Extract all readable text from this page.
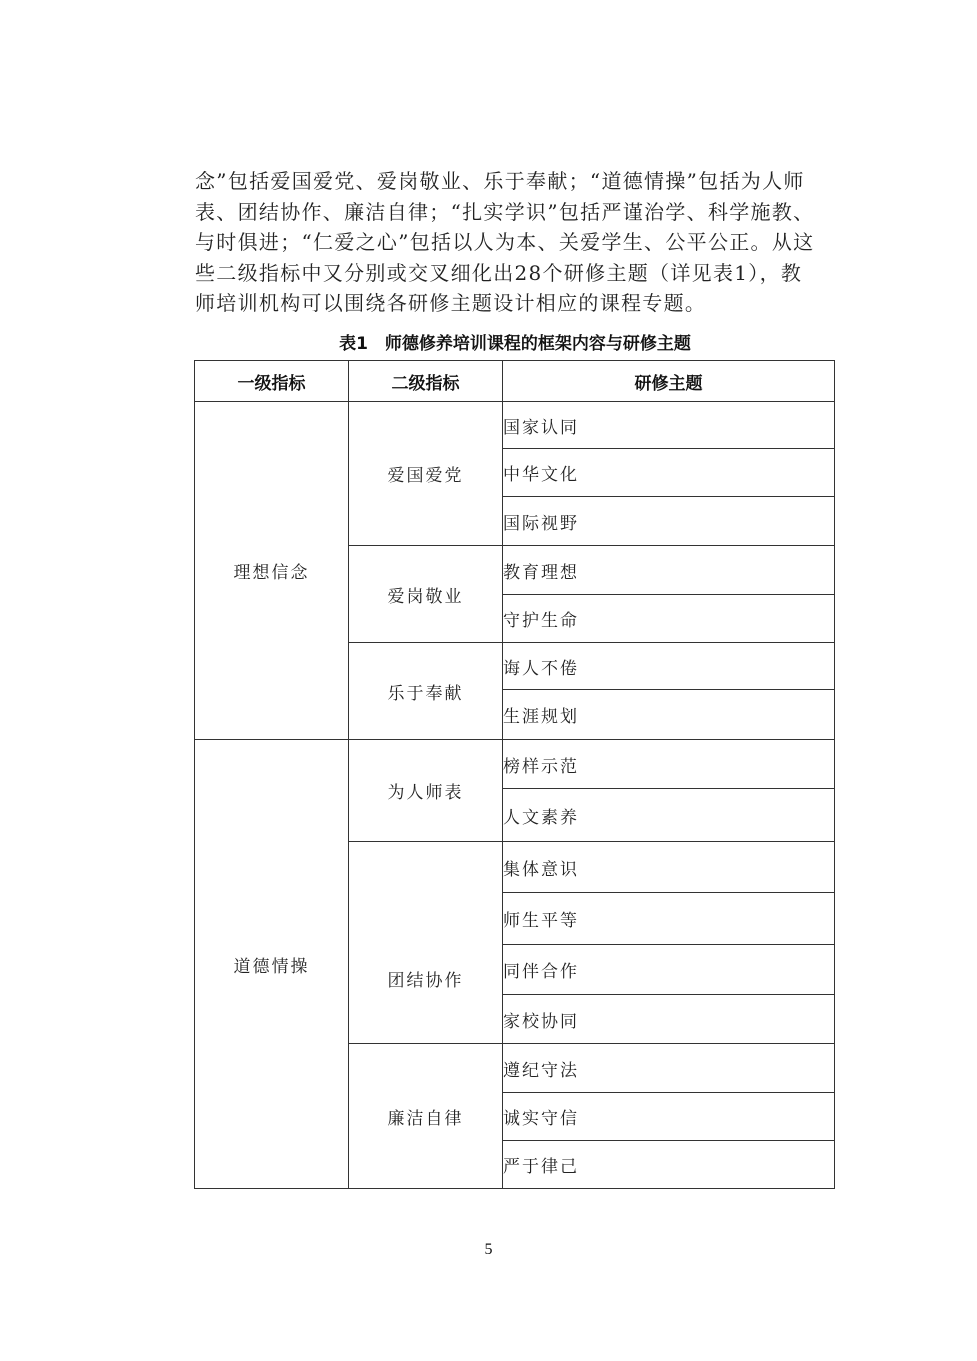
念”包括爱国爱党、爱岗敬业、乐于奉献；“道德情操”包括为人师
表、团结协作、廉洁自律；“扎实学识”包括严谨治学、科学施教、
与时俱进；“仁爱之心”包括以人为本、关爱学生、公平公正。从这
些二级指标中又分别或交叉细化出28个研修主题（详见表1），教
师培训机构可以围绕各研修主题设计相应的课程专题。
表1　师德修养培训课程的框架内容与研修主题
一级指标	二级指标	研修主题
理想信念	爱国爱党	国家认同
		中华文化
		国际视野
	爱岗敬业	教育理想
		守护生命
	乐于奉献	诲人不倦
		生涯规划
道德情操	为人师表	榜样示范
		人文素养
	团结协作	集体意识
		师生平等
		同伴合作
		家校协同
	廉洁自律	遵纪守法
		诚实守信
		严于律己
5
